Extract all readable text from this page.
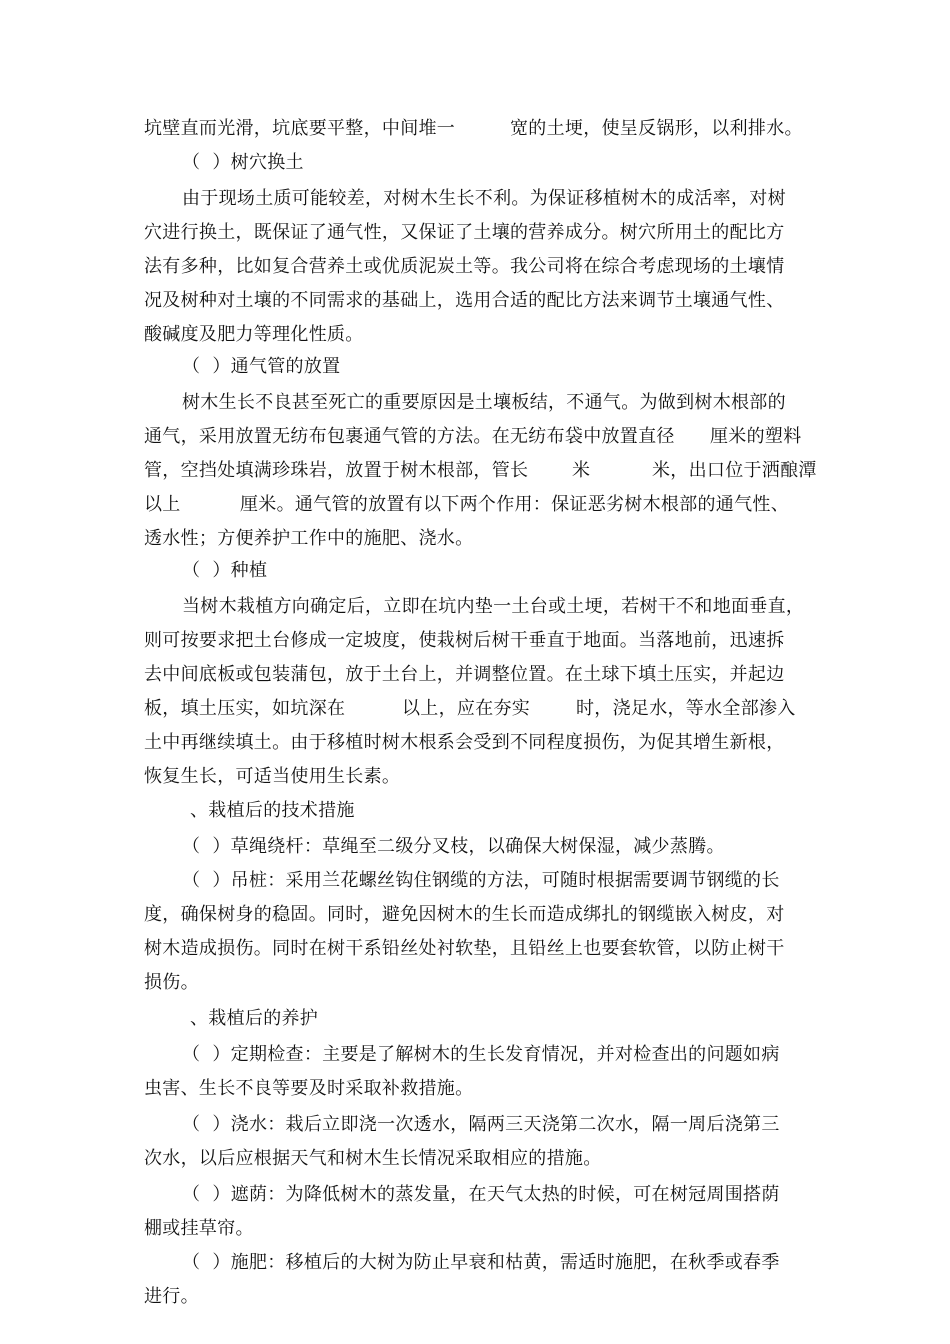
坑壁直而光滑，坑底要平整，中间堆一	宽的土埂，使呈反锅形，以利排水。
（  ）树穴换土
由于现场土质可能较差，对树木生长不利。为保证移植树木的成活率，对树
穴进行换土，既保证了通气性，又保证了土壤的营养成分。树穴所用土的配比方
法有多种，比如复合营养土或优质泥炭土等。我公司将在综合考虑现场的土壤情
况及树种对土壤的不同需求的基础上，选用合适的配比方法来调节土壤通气性、
酸碱度及肥力等理化性质。
（  ）通气管的放置
树木生长不良甚至死亡的重要原因是土壤板结，不通气。为做到树木根部的
通气，采用放置无纺布包裹通气管的方法。在无纺布袋中放置直径 厘米的塑料
管，空挡处填满珍珠岩，放置于树木根部，管长 米	米，出口位于洒酿潭
以上	厘米。通气管的放置有以下两个作用：保证恶劣树木根部的通气性、
透水性；方便养护工作中的施肥、浇水。
（  ）种植
当树木栽植方向确定后，立即在坑内垫一土台或土埂，若树干不和地面垂直，
则可按要求把土台修成一定坡度，使栽树后树干垂直于地面。当落地前，迅速拆
去中间底板或包装蒲包，放于土台上，并调整位置。在土球下填土压实，并起边
板，填土压实，如坑深在	以上，应在夯实	时，浇足水，等水全部渗入
土中再继续填土。由于移植时树木根系会受到不同程度损伤，为促其增生新根，
恢复生长，可适当使用生长素。
、栽植后的技术措施
（  ）草绳绕杆：草绳至二级分叉枝，以确保大树保湿，减少蒸腾。
（  ）吊桩：采用兰花螺丝钩住钢缆的方法，可随时根据需要调节钢缆的长
度，确保树身的稳固。同时，避免因树木的生长而造成绑扎的钢缆嵌入树皮，对
树木造成损伤。同时在树干系铅丝处衬软垫，且铅丝上也要套软管，以防止树干
损伤。
、栽植后的养护
（  ）定期检查：主要是了解树木的生长发育情况，并对检查出的问题如病
虫害、生长不良等要及时采取补救措施。
（  ）浇水：栽后立即浇一次透水，隔两三天浇第二次水，隔一周后浇第三
次水，以后应根据天气和树木生长情况采取相应的措施。
（  ）遮荫：为降低树木的蒸发量，在天气太热的时候，可在树冠周围搭荫
棚或挂草帘。
（  ）施肥：移植后的大树为防止早衰和枯黄，需适时施肥，在秋季或春季
进行。
